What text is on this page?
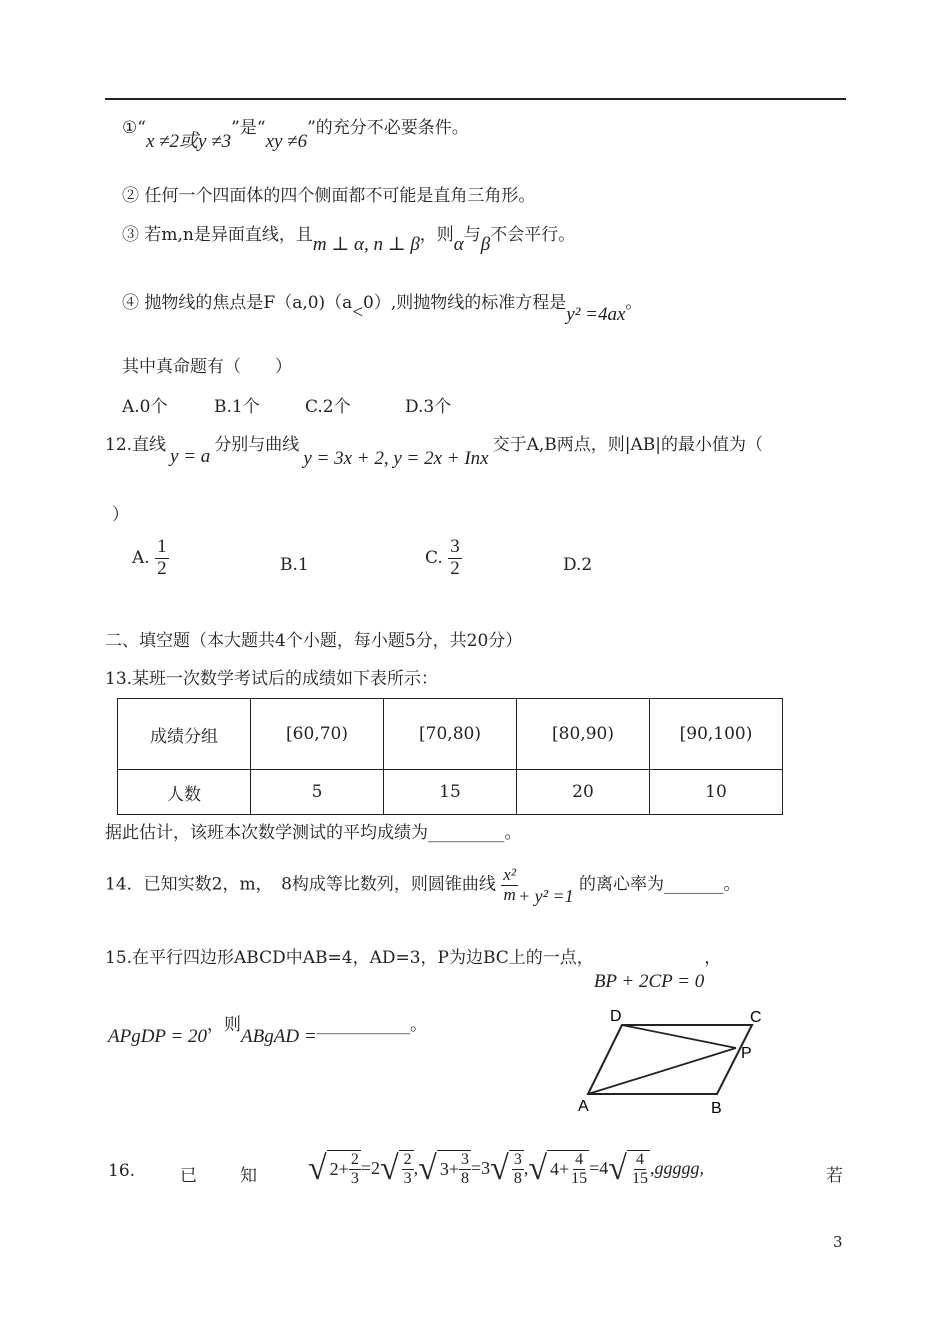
①“x ≠2或y ≠3”是“xy ≠6”的充分不必要条件。
② 任何一个四面体的四个侧面都不可能是直角三角形。
③ 若m,n是异面直线，且m ⊥ α, n ⊥ β，则α与β不会平行。
④ 抛物线的焦点是F（a,0)（a<0）,则抛物线的标准方程是y² =4ax。
其中真命题有（　　）
A.0个	B.1个	C.2个	D.3个
12.直线y = a分别与曲线y = 3x + 2, y = 2x + Inx交于A,B两点，则|AB|的最小值为（
）
A. $\frac{1}{2}$	B.1	C. $\frac{3}{2}$	D.2
二、填空题（本大题共4个小题，每小题5分，共20分）
13.某班一次数学考试后的成绩如下表所示：
成绩分组	[60,70)	[70,80)	[80,90)	[90,100)
人数	5	15	20	10
据此估计，该班本次数学测试的平均成绩为_________。
14．已知实数2，m，　8构成等比数列，则圆锥曲线 $\frac{\text{x²}}{m} + y^2 =1$ 的离心率为_______。
15.在平行四边形ABCD中AB=4，AD=3，P为边BC上的一点，BP + 2CP = 0，
APgDP = 20，则ABgAD =___________。	D	C
P
A	B
16.	已	知 √ $2 + \frac{2}{3} = 2$ √ $\frac{2}{3}$ , √ $3 + \frac{3}{8} = 3$ √ $\frac{3}{8}$ , √ $4 + \frac{4}{15} = 4$ √ $\frac{4}{15}$ , ggggg,	若
3
